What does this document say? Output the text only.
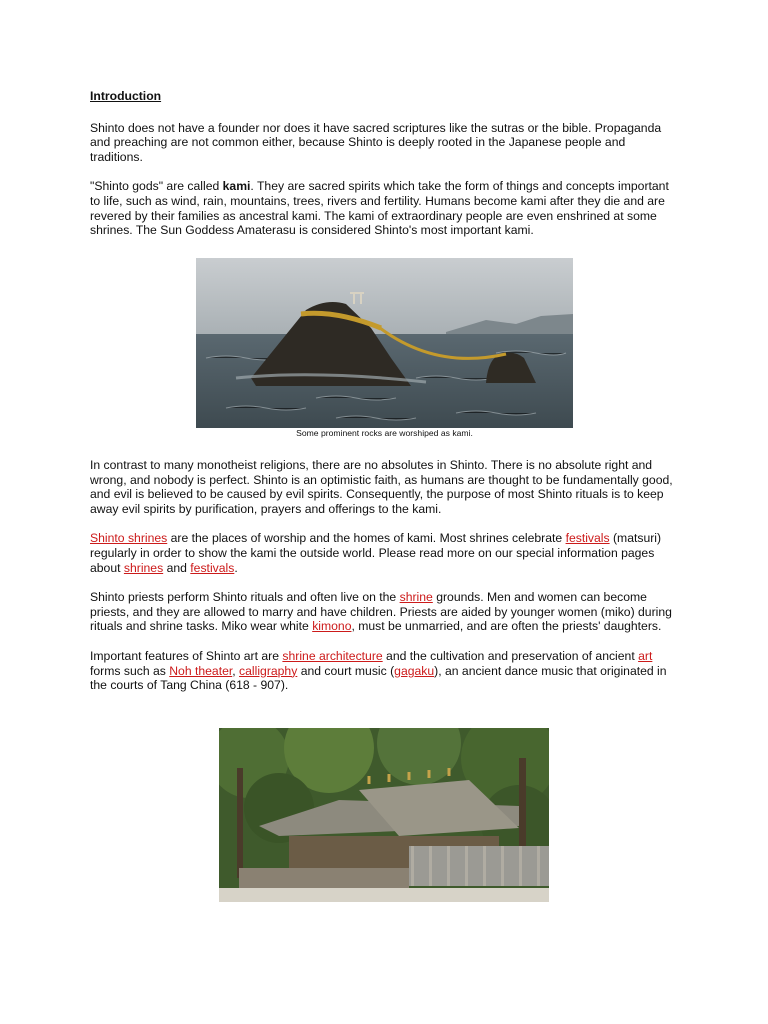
Introduction

Shinto does not have a founder nor does it have sacred scriptures like the sutras or the bible. Propaganda and preaching are not common either, because Shinto is deeply rooted in the Japanese people and traditions.

"Shinto gods" are called kami. They are sacred spirits which take the form of things and concepts important to life, such as wind, rain, mountains, trees, rivers and fertility. Humans become kami after they die and are revered by their families as ancestral kami. The kami of extraordinary people are even enshrined at some shrines. The Sun Goddess Amaterasu is considered Shinto's most important kami.

Some prominent rocks are worshiped as kami.

In contrast to many monotheist religions, there are no absolutes in Shinto. There is no absolute right and wrong, and nobody is perfect. Shinto is an optimistic faith, as humans are thought to be fundamentally good, and evil is believed to be caused by evil spirits. Consequently, the purpose of most Shinto rituals is to keep away evil spirits by purification, prayers and offerings to the kami.

Shinto shrines are the places of worship and the homes of kami. Most shrines celebrate festivals (matsuri) regularly in order to show the kami the outside world. Please read more on our special information pages about shrines and festivals.

Shinto priests perform Shinto rituals and often live on the shrine grounds. Men and women can become priests, and they are allowed to marry and have children. Priests are aided by younger women (miko) during rituals and shrine tasks. Miko wear white kimono, must be unmarried, and are often the priests' daughters.

Important features of Shinto art are shrine architecture and the cultivation and preservation of ancient art forms such as Noh theater, calligraphy and court music (gagaku), an ancient dance music that originated in the courts of Tang China (618 - 907).
